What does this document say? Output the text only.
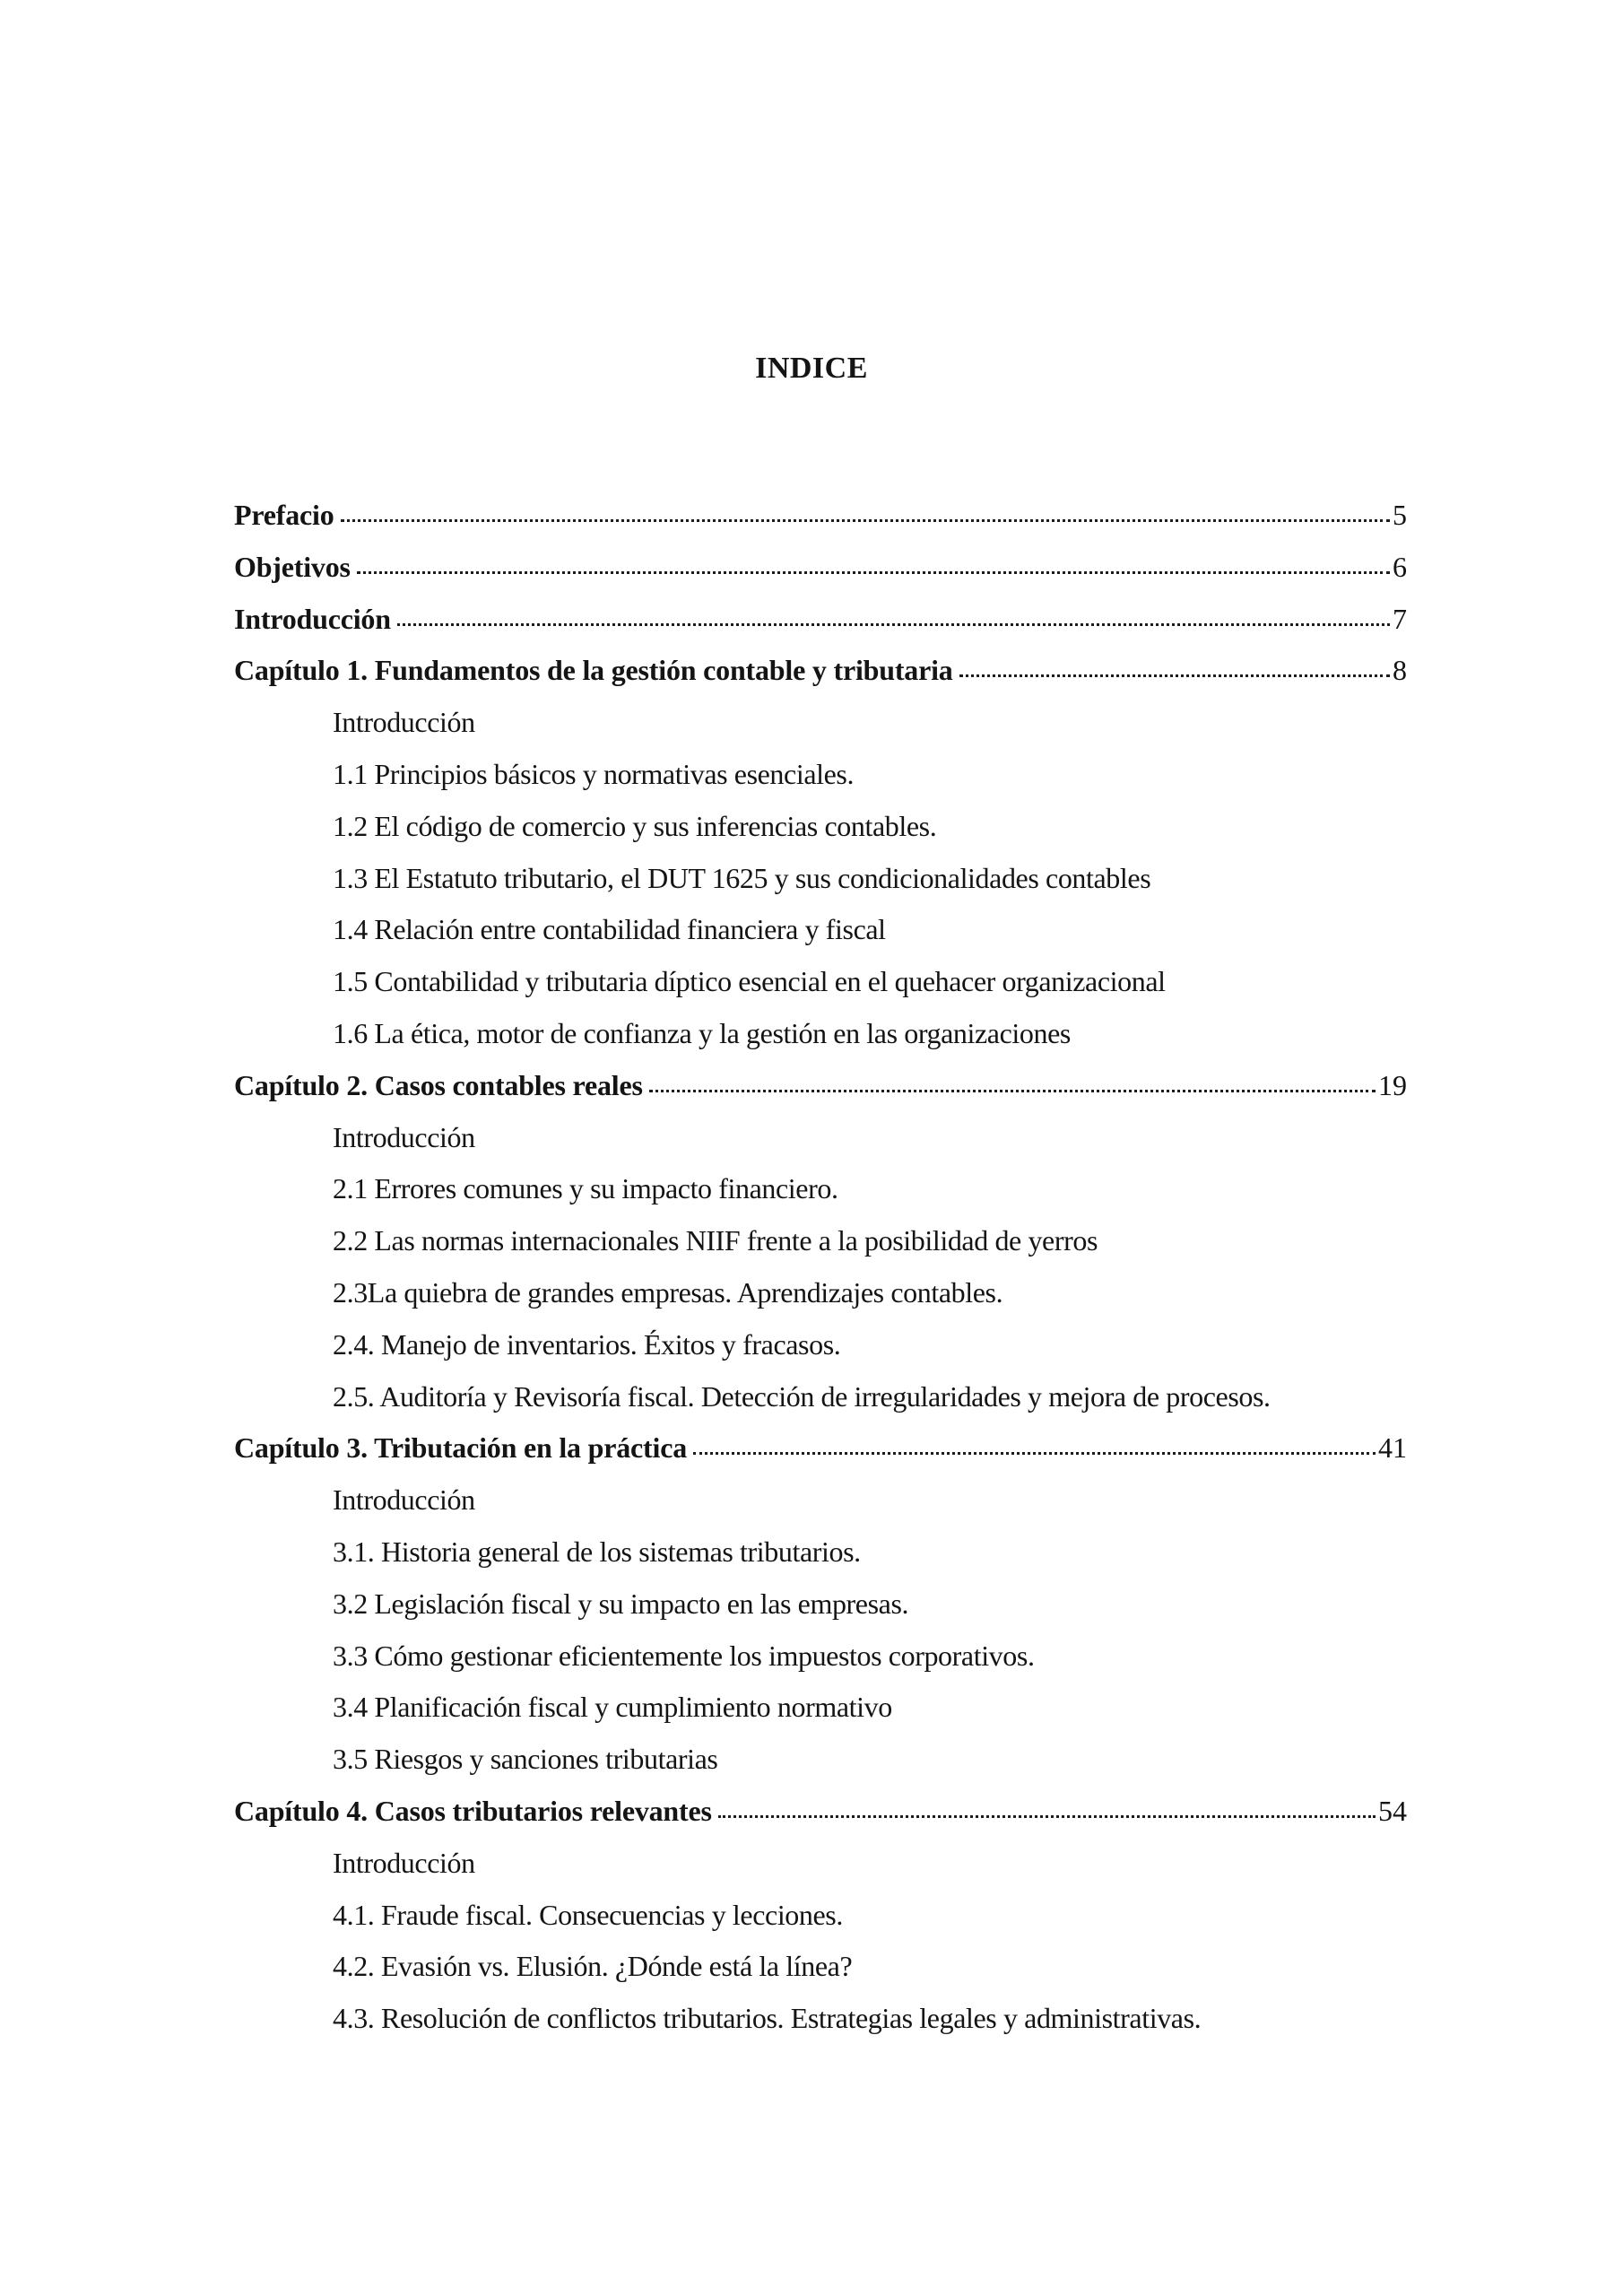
INDICE
Prefacio	5
Objetivos	6
Introducción	7
Capítulo 1. Fundamentos de la gestión contable y tributaria	8
Introducción
1.1 Principios básicos y normativas esenciales.
1.2 El código de comercio y sus inferencias contables.
1.3 El Estatuto tributario, el DUT 1625 y sus condicionalidades contables
1.4 Relación entre contabilidad financiera y fiscal
1.5 Contabilidad y tributaria díptico esencial en el quehacer organizacional
1.6 La ética, motor de confianza y la gestión en las organizaciones
Capítulo 2. Casos contables reales	19
Introducción
2.1 Errores comunes y su impacto financiero.
2.2 Las normas internacionales NIIF frente a la posibilidad de yerros
2.3La quiebra de grandes empresas. Aprendizajes contables.
2.4. Manejo de inventarios. Éxitos y fracasos.
2.5. Auditoría y Revisoría fiscal. Detección de irregularidades y mejora de procesos.
Capítulo 3. Tributación en la práctica	41
Introducción
3.1. Historia general de los sistemas tributarios.
3.2 Legislación fiscal y su impacto en las empresas.
3.3 Cómo gestionar eficientemente los impuestos corporativos.
3.4 Planificación fiscal y cumplimiento normativo
3.5 Riesgos y sanciones tributarias
Capítulo 4. Casos tributarios relevantes	54
Introducción
4.1. Fraude fiscal. Consecuencias y lecciones.
4.2. Evasión vs. Elusión. ¿Dónde está la línea?
4.3. Resolución de conflictos tributarios. Estrategias legales y administrativas.
